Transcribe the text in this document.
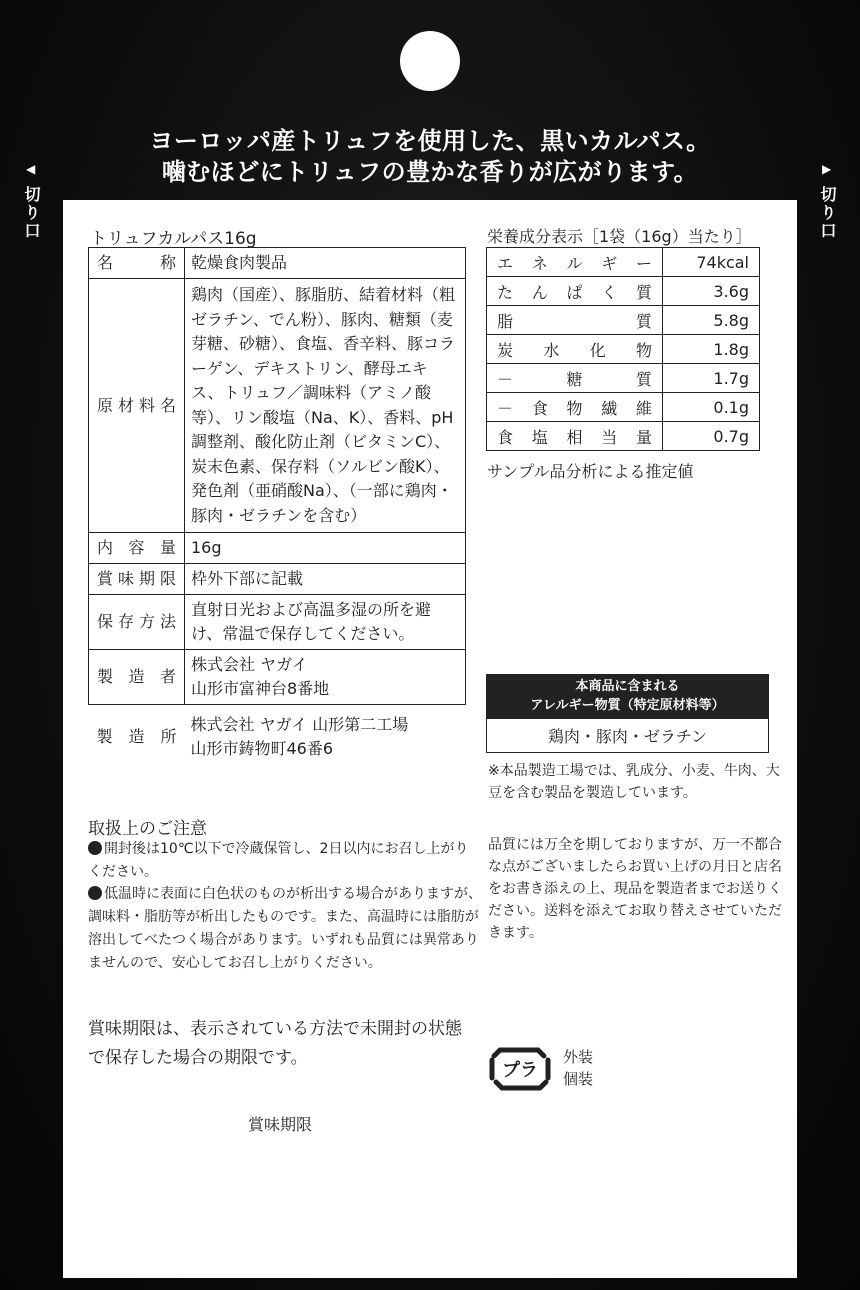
ヨーロッパ産トリュフを使用した、黒いカルパス。
噛むほどにトリュフの豊かな香りが広がります。
◀
切り口
▶
切り口
トリュフカルパス16g
名称	乾燥食肉製品
原材料名	鶏肉（国産）、豚脂肪、結着材料（粗ゼラチン、でん粉）、豚肉、糖類（麦芽糖、砂糖）、食塩、香辛料、豚コラーゲン、デキストリン、酵母エキス、トリュフ／調味料（アミノ酸等）、リン酸塩（Na、K）、香料、pH調整剤、酸化防止剤（ビタミンC）、炭末色素、保存料（ソルビン酸K）、発色剤（亜硝酸Na）、（一部に鶏肉・豚肉・ゼラチンを含む）
内容量	16g
賞味期限	枠外下部に記載
保存方法	直射日光および高温多湿の所を避け、常温で保存してください。
製造者	株式会社 ヤガイ
山形市富神台8番地
製造所	株式会社 ヤガイ 山形第二工場
山形市鋳物町46番6
取扱上のご注意
開封後は10℃以下で冷蔵保管し、2日以内にお召し上がりください。
低温時に表面に白色状のものが析出する場合がありますが、調味料・脂肪等が析出したものです。また、高温時には脂肪が溶出してべたつく場合があります。いずれも品質には異常ありませんので、安心してお召し上がりください。
賞味期限は、表示されている方法で未開封の状態で保存した場合の期限です。
賞味期限
栄養成分表示［1袋（16g）当たり］
エネルギー	74kcal
たんぱく質	3.6g
脂質	5.8g
炭水化物	1.8g
－糖質	1.7g
－食物繊維	0.1g
食塩相当量	0.7g
サンプル品分析による推定値
本商品に含まれる
アレルギー物質（特定原材料等）
鶏肉・豚肉・ゼラチン
※本品製造工場では、乳成分、小麦、牛肉、大豆を含む製品を製造しています。
品質には万全を期しておりますが、万一不都合な点がございましたらお買い上げの月日と店名をお書き添えの上、現品を製造者までお送りください。送料を添えてお取り替えさせていただきます。
プラ
外装
個装
